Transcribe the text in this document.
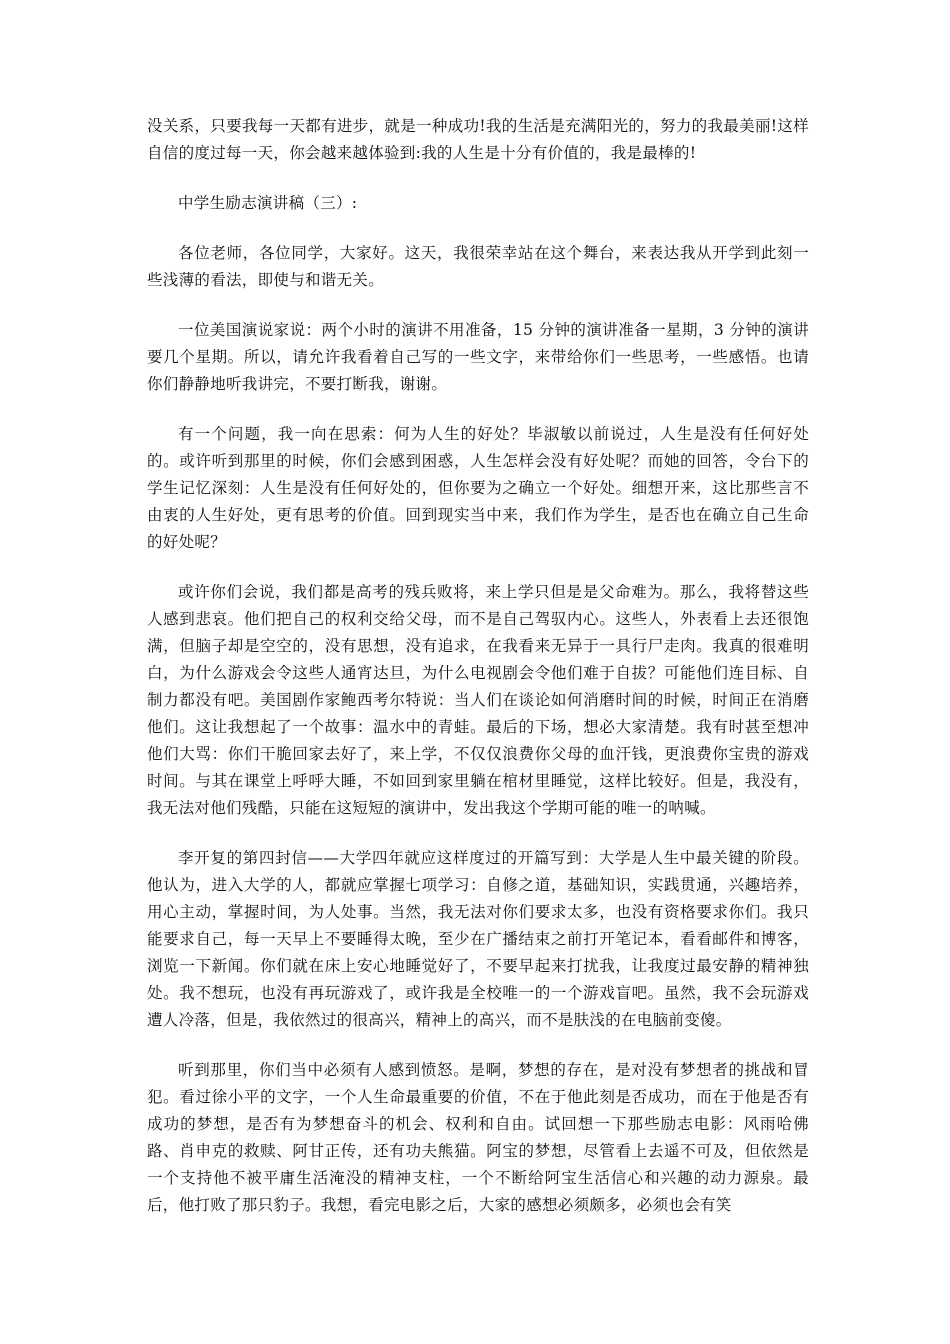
没关系，只要我每一天都有进步，就是一种成功!我的生活是充满阳光的，努力的我最美丽!这样自信的度过每一天，你会越来越体验到:我的人生是十分有价值的，我是最棒的!

中学生励志演讲稿（三）:

各位老师，各位同学，大家好。这天，我很荣幸站在这个舞台，来表达我从开学到此刻一些浅薄的看法，即使与和谐无关。

一位美国演说家说：两个小时的演讲不用准备，15 分钟的演讲准备一星期，3 分钟的演讲要几个星期。所以，请允许我看着自己写的一些文字，来带给你们一些思考，一些感悟。也请你们静静地听我讲完，不要打断我，谢谢。

有一个问题，我一向在思索：何为人生的好处？毕淑敏以前说过，人生是没有任何好处的。或许听到那里的时候，你们会感到困惑，人生怎样会没有好处呢？而她的回答，令台下的学生记忆深刻：人生是没有任何好处的，但你要为之确立一个好处。细想开来，这比那些言不由衷的人生好处，更有思考的价值。回到现实当中来，我们作为学生，是否也在确立自己生命的好处呢？

或许你们会说，我们都是高考的残兵败将，来上学只但是是父命难为。那么，我将替这些人感到悲哀。他们把自己的权利交给父母，而不是自己驾驭内心。这些人，外表看上去还很饱满，但脑子却是空空的，没有思想，没有追求，在我看来无异于一具行尸走肉。我真的很难明白，为什么游戏会令这些人通宵达旦，为什么电视剧会令他们难于自拔？可能他们连目标、自制力都没有吧。美国剧作家鲍西考尔特说：当人们在谈论如何消磨时间的时候，时间正在消磨他们。这让我想起了一个故事：温水中的青蛙。最后的下场，想必大家清楚。我有时甚至想冲他们大骂：你们干脆回家去好了，来上学，不仅仅浪费你父母的血汗钱，更浪费你宝贵的游戏时间。与其在课堂上呼呼大睡，不如回到家里躺在棺材里睡觉，这样比较好。但是，我没有，我无法对他们残酷，只能在这短短的演讲中，发出我这个学期可能的唯一的呐喊。

李开复的第四封信——大学四年就应这样度过的开篇写到：大学是人生中最关键的阶段。他认为，进入大学的人，都就应掌握七项学习：自修之道，基础知识，实践贯通，兴趣培养，用心主动，掌握时间，为人处事。当然，我无法对你们要求太多，也没有资格要求你们。我只能要求自己，每一天早上不要睡得太晚，至少在广播结束之前打开笔记本，看看邮件和博客，浏览一下新闻。你们就在床上安心地睡觉好了，不要早起来打扰我，让我度过最安静的精神独处。我不想玩，也没有再玩游戏了，或许我是全校唯一的一个游戏盲吧。虽然，我不会玩游戏遭人冷落，但是，我依然过的很高兴，精神上的高兴，而不是肤浅的在电脑前变傻。

听到那里，你们当中必须有人感到愤怒。是啊，梦想的存在，是对没有梦想者的挑战和冒犯。看过徐小平的文字，一个人生命最重要的价值，不在于他此刻是否成功，而在于他是否有成功的梦想，是否有为梦想奋斗的机会、权利和自由。试回想一下那些励志电影：风雨哈佛路、肖申克的救赎、阿甘正传，还有功夫熊猫。阿宝的梦想，尽管看上去遥不可及，但依然是一个支持他不被平庸生活淹没的精神支柱，一个不断给阿宝生活信心和兴趣的动力源泉。最后，他打败了那只豹子。我想，看完电影之后，大家的感想必须颇多，必须也会有笑
